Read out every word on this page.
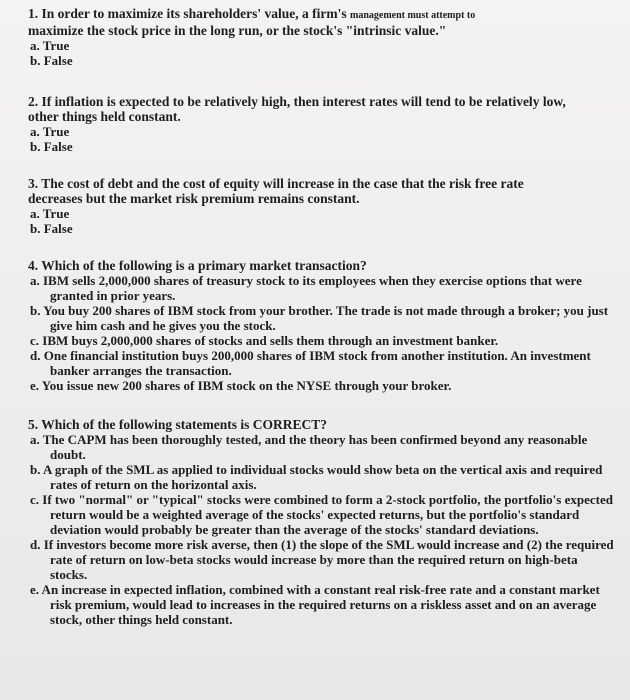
1. In order to maximize its shareholders' value, a firm's management must attempt to
maximize the stock price in the long run, or the stock's "intrinsic value."
a. True
b. False
2. If inflation is expected to be relatively high, then interest rates will tend to be relatively low,
other things held constant.
a. True
b. False
3. The cost of debt and the cost of equity will increase in the case that the risk free rate
decreases but the market risk premium remains constant.
a. True
b. False
4. Which of the following is a primary market transaction?
a. IBM sells 2,000,000 shares of treasury stock to its employees when they exercise options that were granted in prior years.
b. You buy 200 shares of IBM stock from your brother. The trade is not made through a broker; you just give him cash and he gives you the stock.
c. IBM buys 2,000,000 shares of stocks and sells them through an investment banker.
d. One financial institution buys 200,000 shares of IBM stock from another institution. An investment banker arranges the transaction.
e. You issue new 200 shares of IBM stock on the NYSE through your broker.
5. Which of the following statements is CORRECT?
a. The CAPM has been thoroughly tested, and the theory has been confirmed beyond any reasonable doubt.
b. A graph of the SML as applied to individual stocks would show beta on the vertical axis and required rates of return on the horizontal axis.
c. If two "normal" or "typical" stocks were combined to form a 2-stock portfolio, the portfolio's expected return would be a weighted average of the stocks' expected returns, but the portfolio's standard deviation would probably be greater than the average of the stocks' standard deviations.
d. If investors become more risk averse, then (1) the slope of the SML would increase and (2) the required rate of return on low-beta stocks would increase by more than the required return on high-beta stocks.
e. An increase in expected inflation, combined with a constant real risk-free rate and a constant market risk premium, would lead to increases in the required returns on a riskless asset and on an average stock, other things held constant.
